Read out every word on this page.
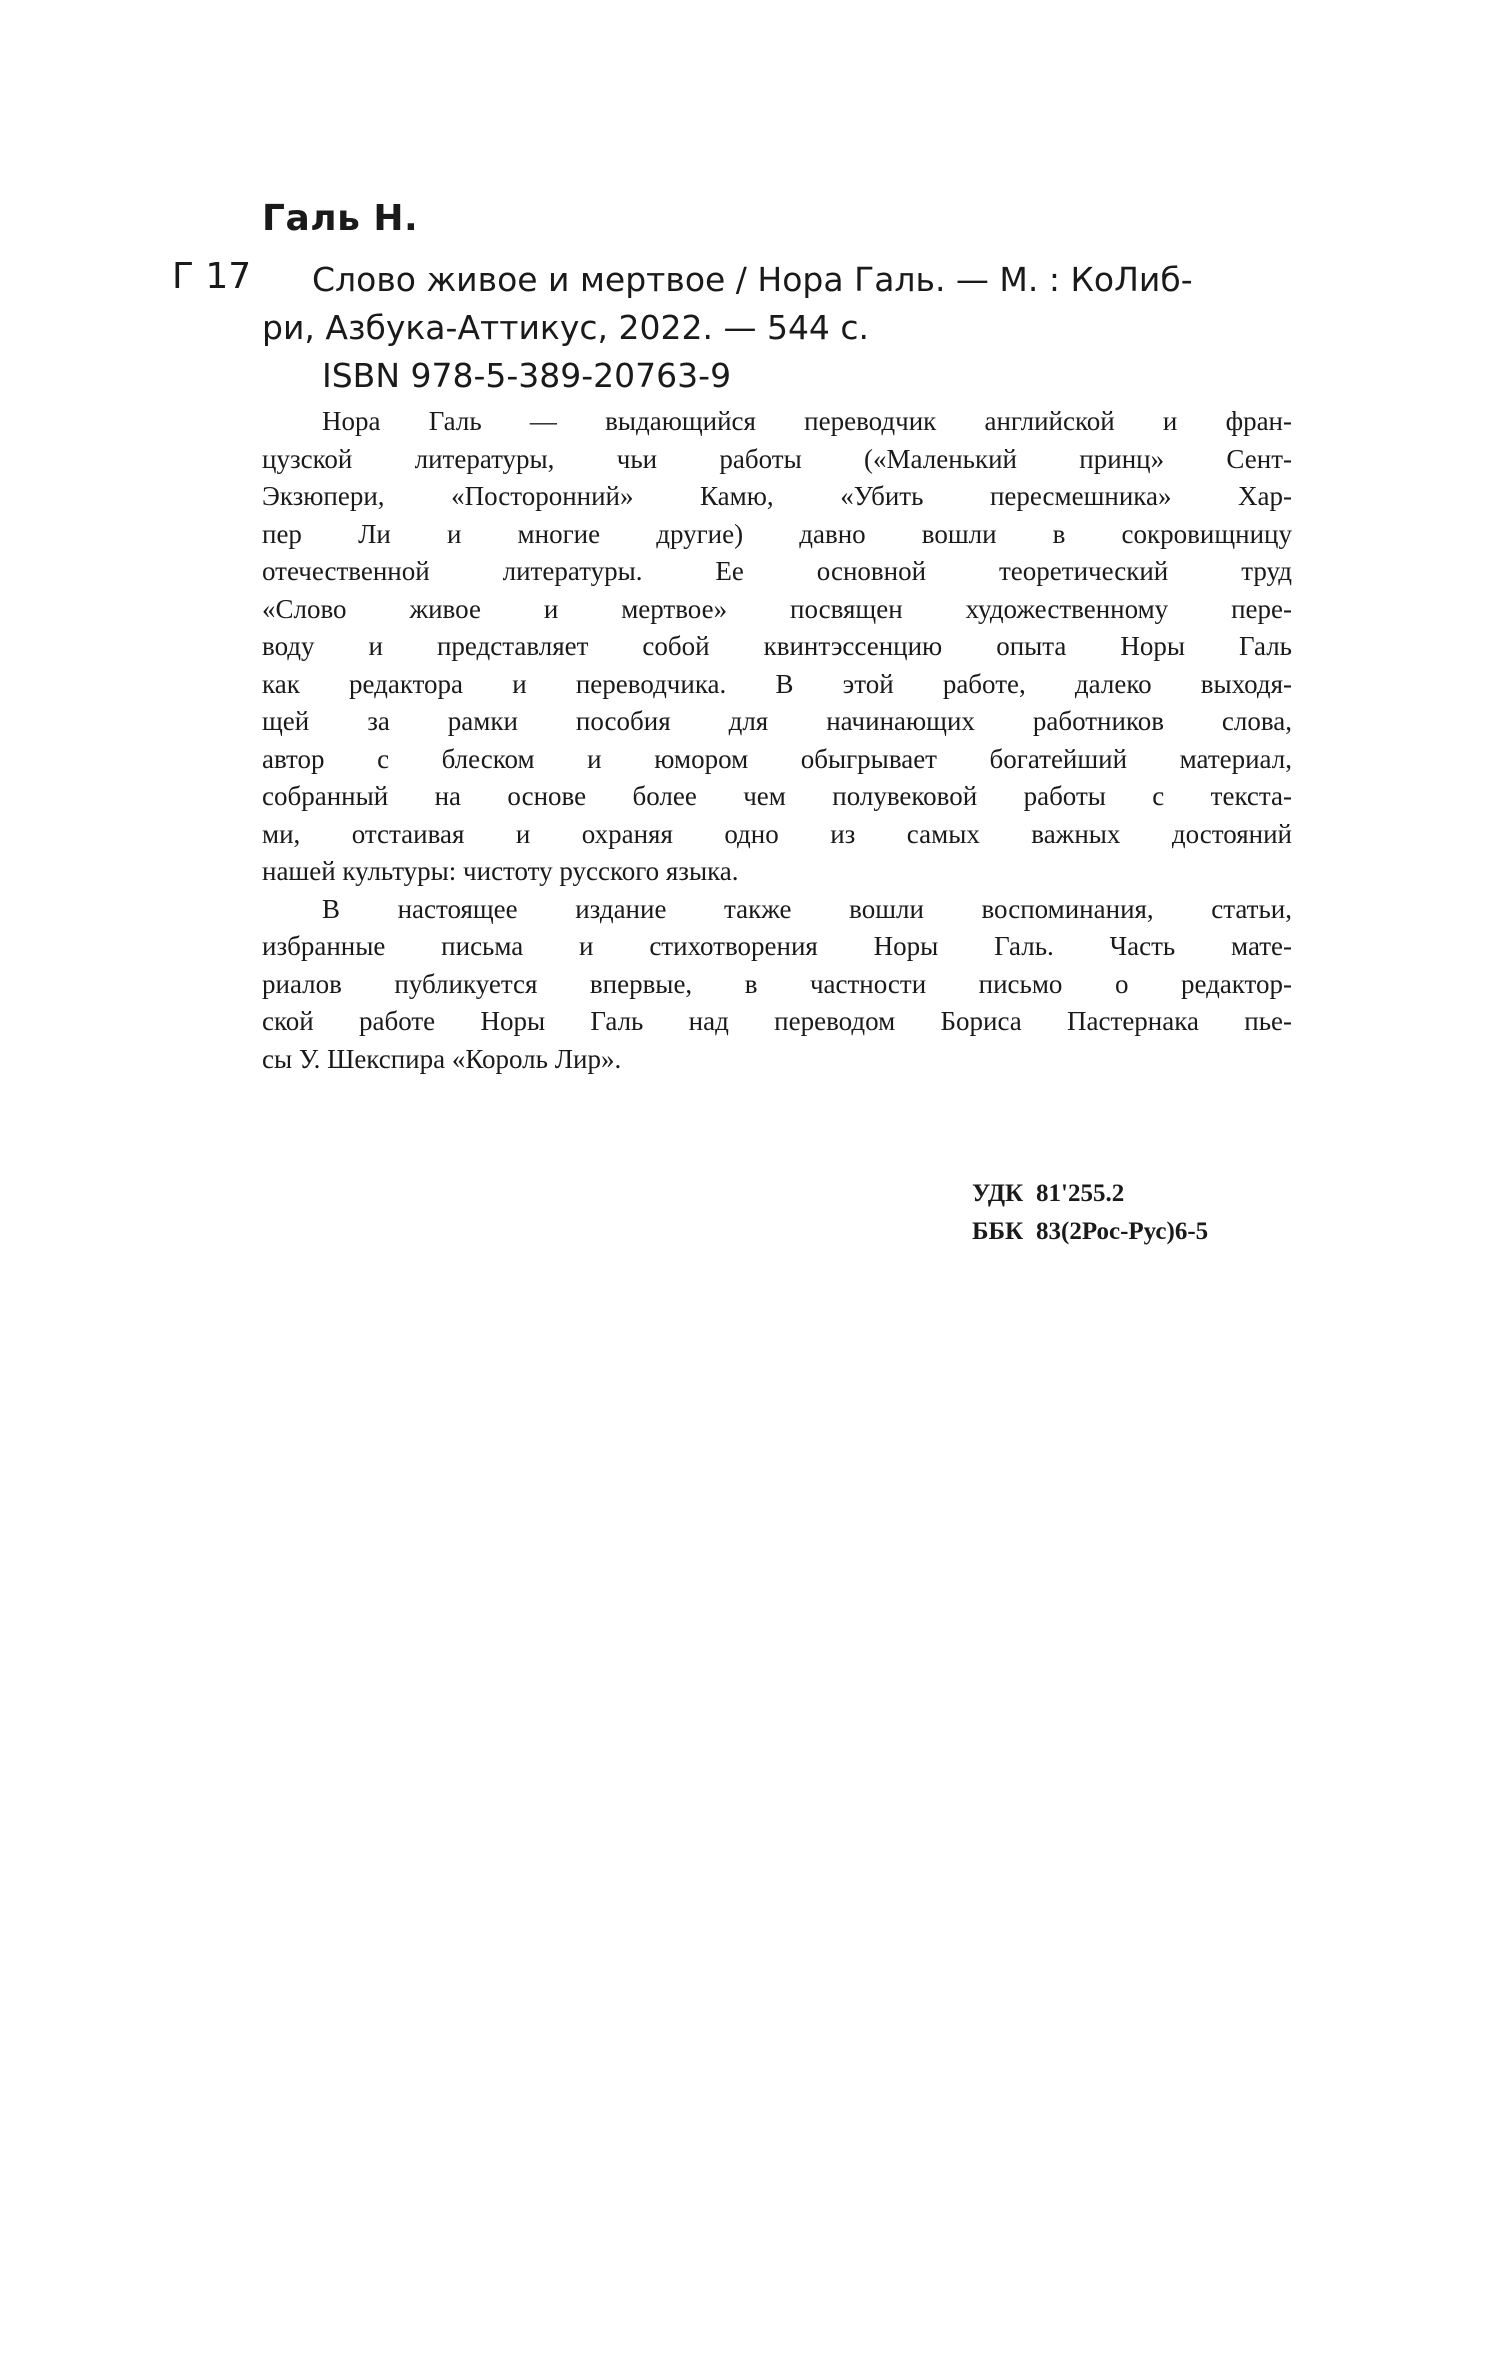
Галь Н.
Г 17	Слово живое и мертвое / Нора Галь. — М. : КоЛиб-
ри, Азбука-Аттикус, 2022. — 544 с.
ISBN 978-5-389-20763-9

Нора Галь — выдающийся переводчик английской и фран-
цузской литературы, чьи работы («Маленький принц» Сент-
Экзюпери, «Посторонний» Камю, «Убить пересмешника» Хар-
пер Ли и многие другие) давно вошли в сокровищницу
отечественной литературы. Ее основной теоретический труд
«Слово живое и мертвое» посвящен художественному пере-
воду и представляет собой квинтэссенцию опыта Норы Галь
как редактора и переводчика. В этой работе, далеко выходя-
щей за рамки пособия для начинающих работников слова,
автор с блеском и юмором обыгрывает богатейший материал,
собранный на основе более чем полувековой работы с текста-
ми, отстаивая и охраняя одно из самых важных достояний
нашей культуры: чистоту русского языка.

В настоящее издание также вошли воспоминания, статьи,
избранные письма и стихотворения Норы Галь. Часть мате-
риалов публикуется впервые, в частности письмо о редактор-
ской работе Норы Галь над переводом Бориса Пастернака пье-
сы У. Шекспира «Король Лир».

УДК 81'255.2
ББК 83(2Рос-Рус)6-5
